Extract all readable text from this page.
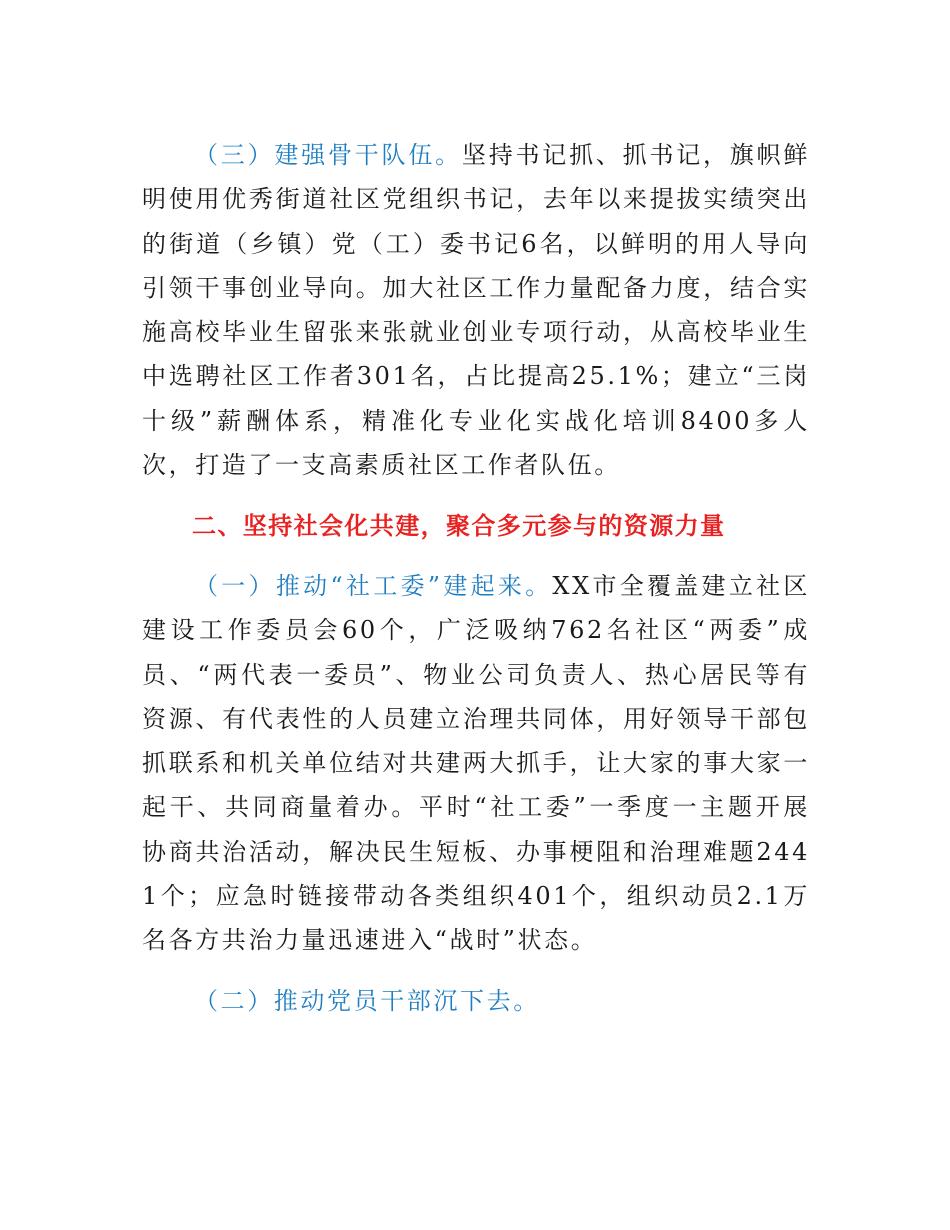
（三）建强骨干队伍。坚持书记抓、抓书记，旗帜鲜明使用优秀街道社区党组织书记，去年以来提拔实绩突出的街道（乡镇）党（工）委书记6名，以鲜明的用人导向引领干事创业导向。加大社区工作力量配备力度，结合实施高校毕业生留张来张就业创业专项行动，从高校毕业生中选聘社区工作者301名，占比提高25.1%；建立“三岗十级”薪酬体系，精准化专业化实战化培训8400多人次，打造了一支高素质社区工作者队伍。

二、坚持社会化共建，聚合多元参与的资源力量

（一）推动“社工委”建起来。XX市全覆盖建立社区建设工作委员会60个，广泛吸纳762名社区“两委”成员、“两代表一委员”、物业公司负责人、热心居民等有资源、有代表性的人员建立治理共同体，用好领导干部包抓联系和机关单位结对共建两大抓手，让大家的事大家一起干、共同商量着办。平时“社工委”一季度一主题开展协商共治活动，解决民生短板、办事梗阻和治理难题2441个；应急时链接带动各类组织401个，组织动员2.1万名各方共治力量迅速进入“战时”状态。

（二）推动党员干部沉下去。
